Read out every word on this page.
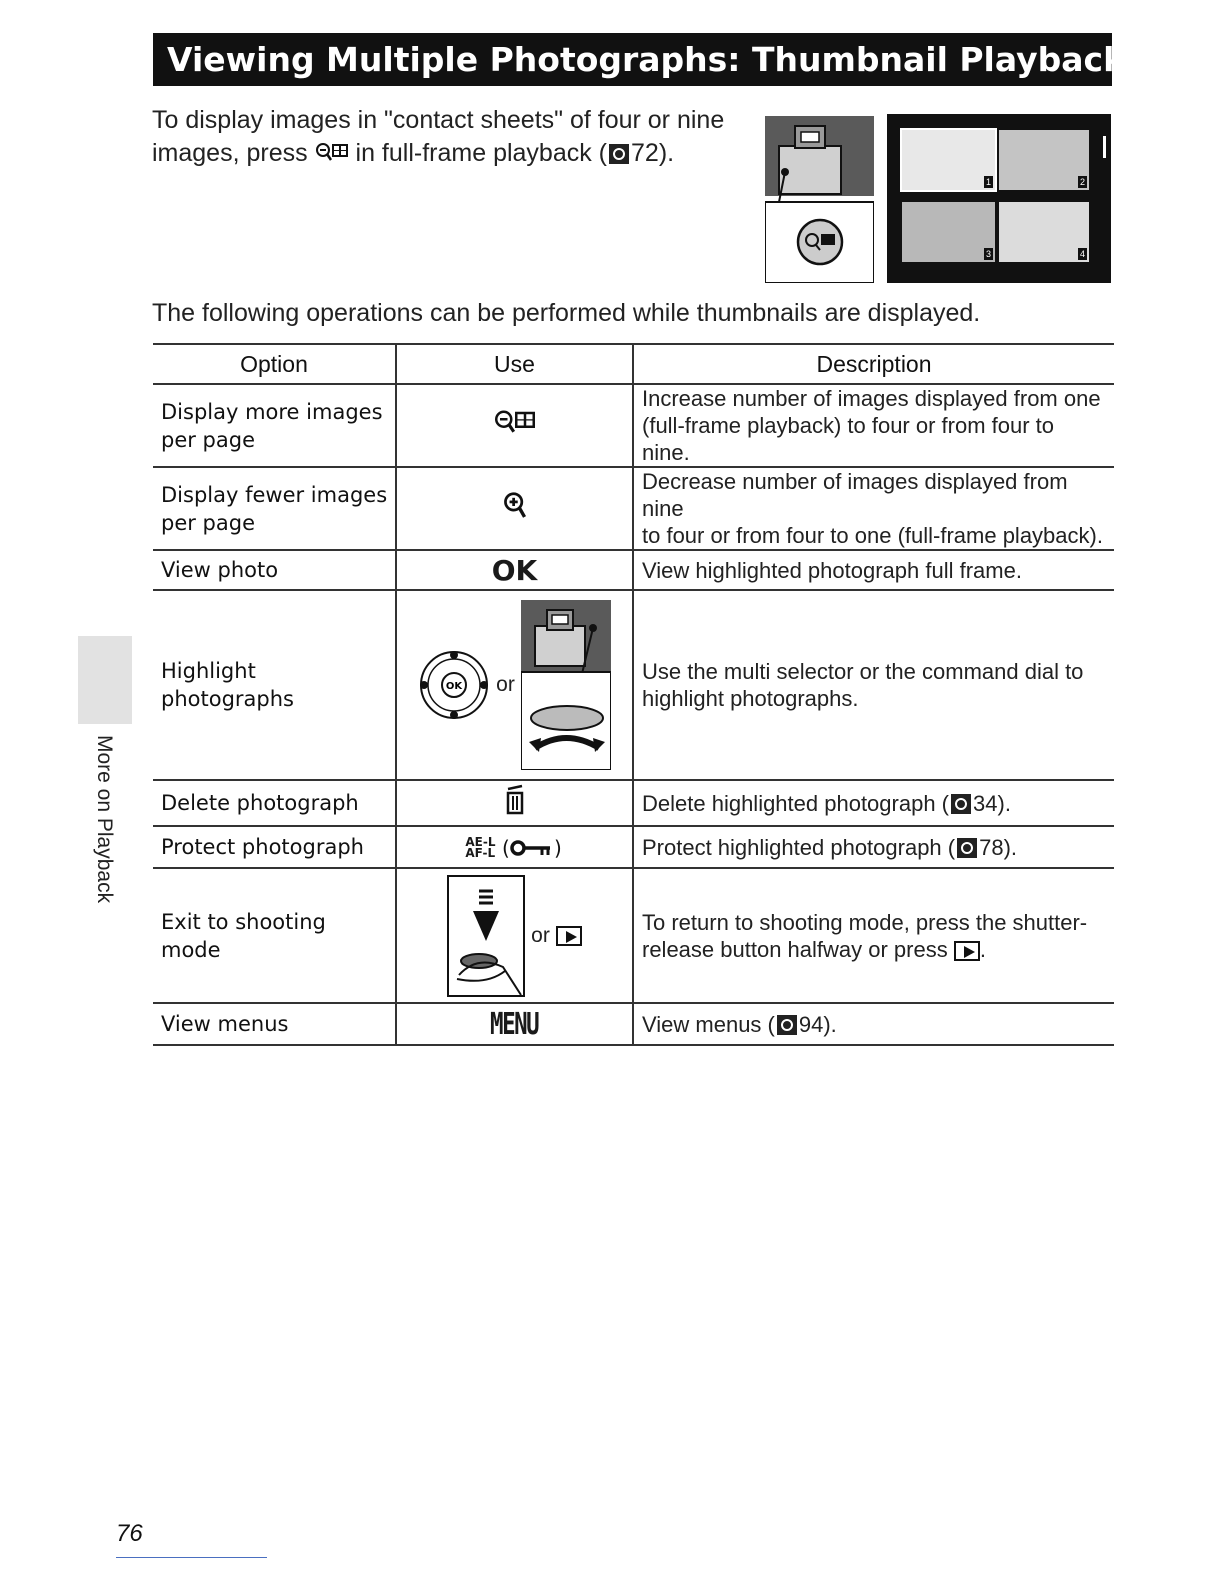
Viewing Multiple Photographs: Thumbnail Playback
To display images in "contact sheets" of four or nine
images, press in full-frame playback ( 72).
1	2
3	4
The following operations can be performed while thumbnails are displayed.
Option	Use	Description
Display more images
per page		Increase number of images displayed from one
(full-frame playback) to four or from four to nine.
Display fewer images
per page		Decrease number of images displayed from nine
to four or from four to one (full-frame playback).
View photo	OK	View highlighted photograph full frame.
Highlight
photographs	OK or	Use the multi selector or the command dial to
highlight photographs.
Delete photograph		Delete highlighted photograph ( 34).
Protect photograph	AE-L
AF-L ( )	Protect highlighted photograph ( 78).
Exit to shooting
mode	or	To return to shooting mode, press the shutter-
release button halfway or press .
View menus	MENU	View menus ( 94).
More on Playback
76
